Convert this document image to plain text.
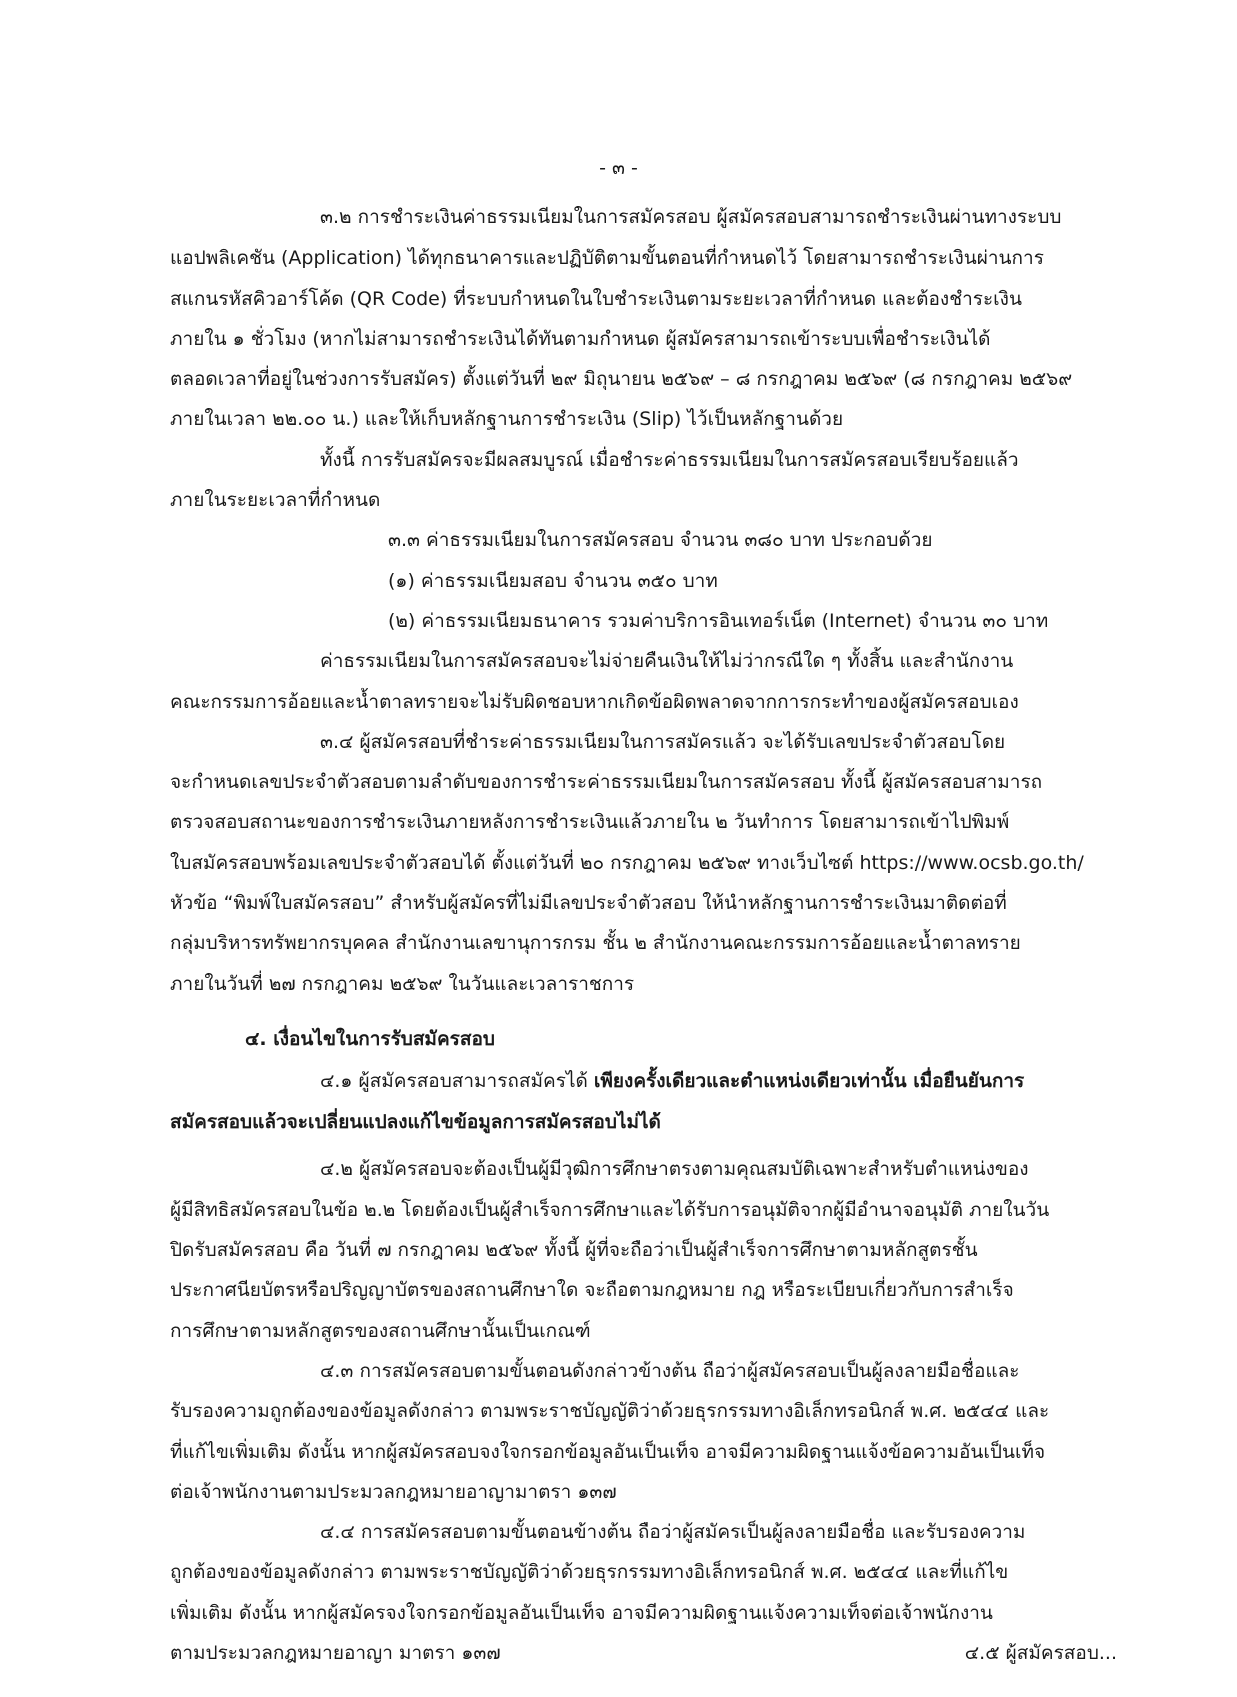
- ๓ -
๓.๒ การชำระเงินค่าธรรมเนียมในการสมัครสอบ ผู้สมัครสอบสามารถชำระเงินผ่านทางระบบ
แอปพลิเคชัน (Application) ได้ทุกธนาคารและปฏิบัติตามขั้นตอนที่กำหนดไว้ โดยสามารถชำระเงินผ่านการ
สแกนรหัสคิวอาร์โค้ด (QR Code) ที่ระบบกำหนดในใบชำระเงินตามระยะเวลาที่กำหนด และต้องชำระเงิน
ภายใน ๑ ชั่วโมง (หากไม่สามารถชำระเงินได้ทันตามกำหนด ผู้สมัครสามารถเข้าระบบเพื่อชำระเงินได้
ตลอดเวลาที่อยู่ในช่วงการรับสมัคร) ตั้งแต่วันที่ ๒๙ มิถุนายน ๒๕๖๙ – ๘ กรกฎาคม ๒๕๖๙ (๘ กรกฎาคม ๒๕๖๙
ภายในเวลา ๒๒.๐๐ น.) และให้เก็บหลักฐานการชำระเงิน (Slip) ไว้เป็นหลักฐานด้วย
ทั้งนี้ การรับสมัครจะมีผลสมบูรณ์ เมื่อชำระค่าธรรมเนียมในการสมัครสอบเรียบร้อยแล้ว
ภายในระยะเวลาที่กำหนด
๓.๓ ค่าธรรมเนียมในการสมัครสอบ จำนวน ๓๘๐ บาท ประกอบด้วย
(๑) ค่าธรรมเนียมสอบ จำนวน ๓๕๐ บาท
(๒) ค่าธรรมเนียมธนาคาร รวมค่าบริการอินเทอร์เน็ต (Internet) จำนวน ๓๐ บาท
ค่าธรรมเนียมในการสมัครสอบจะไม่จ่ายคืนเงินให้ไม่ว่ากรณีใด ๆ ทั้งสิ้น และสำนักงาน
คณะกรรมการอ้อยและน้ำตาลทรายจะไม่รับผิดชอบหากเกิดข้อผิดพลาดจากการกระทำของผู้สมัครสอบเอง
๓.๔ ผู้สมัครสอบที่ชำระค่าธรรมเนียมในการสมัครแล้ว จะได้รับเลขประจำตัวสอบโดย
จะกำหนดเลขประจำตัวสอบตามลำดับของการชำระค่าธรรมเนียมในการสมัครสอบ ทั้งนี้ ผู้สมัครสอบสามารถ
ตรวจสอบสถานะของการชำระเงินภายหลังการชำระเงินแล้วภายใน ๒ วันทำการ โดยสามารถเข้าไปพิมพ์
ใบสมัครสอบพร้อมเลขประจำตัวสอบได้ ตั้งแต่วันที่ ๒๐ กรกฎาคม ๒๕๖๙ ทางเว็บไซต์ https://www.ocsb.go.th/
หัวข้อ “พิมพ์ใบสมัครสอบ” สำหรับผู้สมัครที่ไม่มีเลขประจำตัวสอบ ให้นำหลักฐานการชำระเงินมาติดต่อที่
กลุ่มบริหารทรัพยากรบุคคล สำนักงานเลขานุการกรม ชั้น ๒ สำนักงานคณะกรรมการอ้อยและน้ำตาลทราย
ภายในวันที่ ๒๗ กรกฎาคม ๒๕๖๙ ในวันและเวลาราชการ
๔. เงื่อนไขในการรับสมัครสอบ
๔.๑ ผู้สมัครสอบสามารถสมัครได้ เพียงครั้งเดียวและตำแหน่งเดียวเท่านั้น เมื่อยืนยันการ
สมัครสอบแล้วจะเปลี่ยนแปลงแก้ไขข้อมูลการสมัครสอบไม่ได้
๔.๒ ผู้สมัครสอบจะต้องเป็นผู้มีวุฒิการศึกษาตรงตามคุณสมบัติเฉพาะสำหรับตำแหน่งของ
ผู้มีสิทธิสมัครสอบในข้อ ๒.๒ โดยต้องเป็นผู้สำเร็จการศึกษาและได้รับการอนุมัติจากผู้มีอำนาจอนุมัติ ภายในวัน
ปิดรับสมัครสอบ คือ วันที่ ๗ กรกฎาคม ๒๕๖๙ ทั้งนี้ ผู้ที่จะถือว่าเป็นผู้สำเร็จการศึกษาตามหลักสูตรชั้น
ประกาศนียบัตรหรือปริญญาบัตรของสถานศึกษาใด จะถือตามกฎหมาย กฎ หรือระเบียบเกี่ยวกับการสำเร็จ
การศึกษาตามหลักสูตรของสถานศึกษานั้นเป็นเกณฑ์
๔.๓ การสมัครสอบตามขั้นตอนดังกล่าวข้างต้น ถือว่าผู้สมัครสอบเป็นผู้ลงลายมือชื่อและ
รับรองความถูกต้องของข้อมูลดังกล่าว ตามพระราชบัญญัติว่าด้วยธุรกรรมทางอิเล็กทรอนิกส์ พ.ศ. ๒๕๔๔ และ
ที่แก้ไขเพิ่มเติม ดังนั้น หากผู้สมัครสอบจงใจกรอกข้อมูลอันเป็นเท็จ อาจมีความผิดฐานแจ้งข้อความอันเป็นเท็จ
ต่อเจ้าพนักงานตามประมวลกฎหมายอาญามาตรา ๑๓๗
๔.๔ การสมัครสอบตามขั้นตอนข้างต้น ถือว่าผู้สมัครเป็นผู้ลงลายมือชื่อ และรับรองความ
ถูกต้องของข้อมูลดังกล่าว ตามพระราชบัญญัติว่าด้วยธุรกรรมทางอิเล็กทรอนิกส์ พ.ศ. ๒๕๔๔ และที่แก้ไข
เพิ่มเติม ดังนั้น หากผู้สมัครจงใจกรอกข้อมูลอันเป็นเท็จ อาจมีความผิดฐานแจ้งความเท็จต่อเจ้าพนักงาน
ตามประมวลกฎหมายอาญา มาตรา ๑๓๗	๔.๕ ผู้สมัครสอบ...
